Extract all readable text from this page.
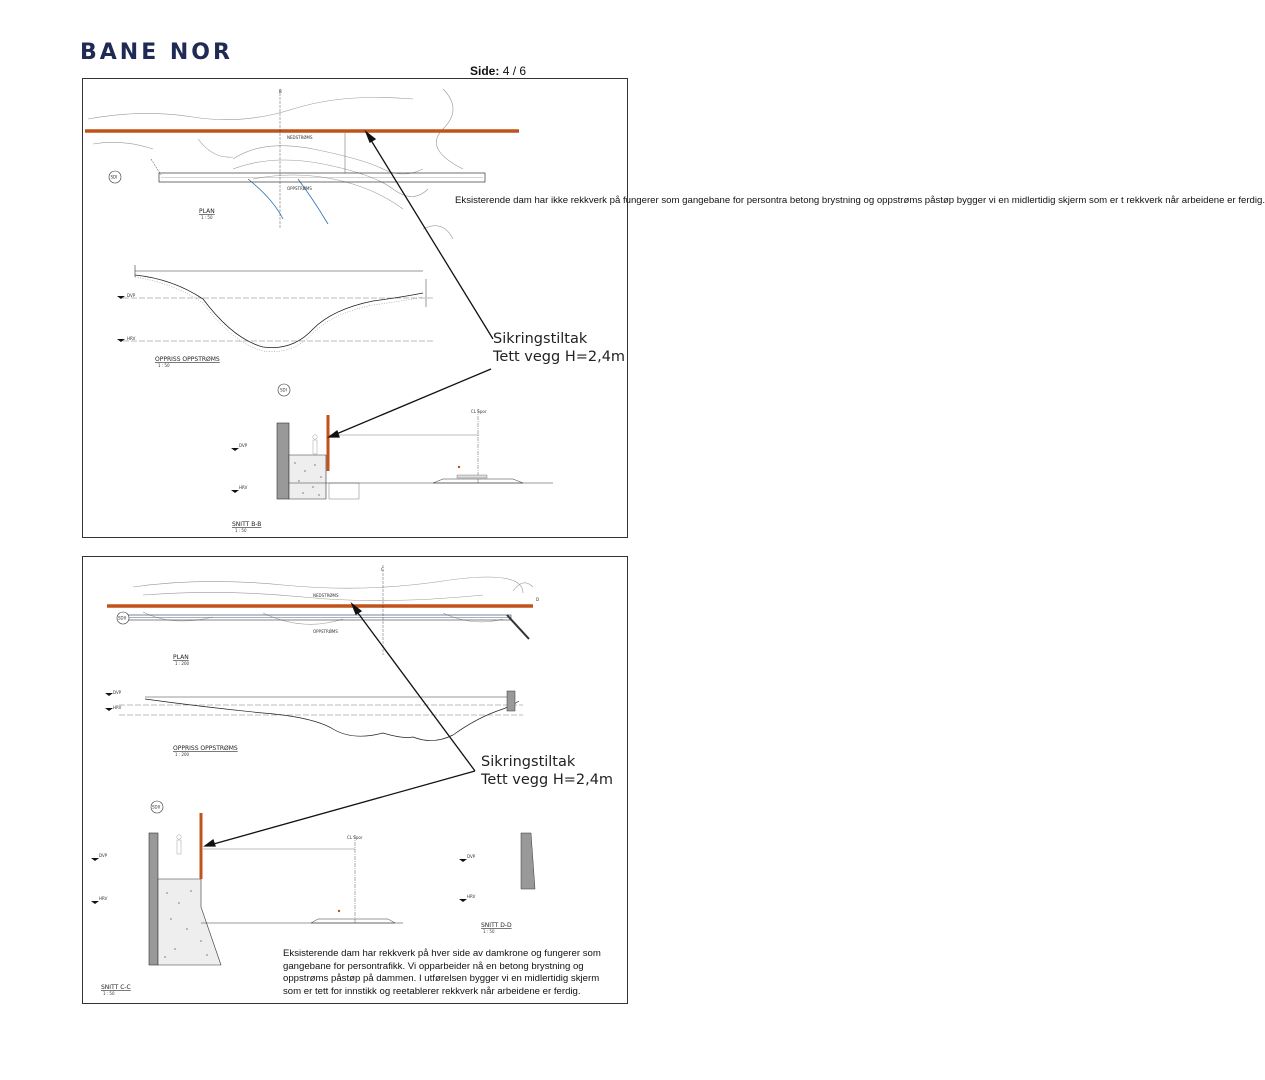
BANE NOR
Side: 4 / 6
SDI
B
NEDSTRØMS
OPPSTRØMS
PLAN
1 : 50
DVP
HRV
OPPRISS OPPSTRØMS
1 : 50
SDI
CL Spor
DVP
HRV
SNITT B-B
1 : 50
Eksisterende dam har ikke rekkverk på fungerer som gangebane for persontra betong brystning og oppstrøms påstøp bygger vi en midlertidig skjerm som er t rekkverk når arbeidene er ferdig.
Sikringstiltak
Tett vegg H=2,4m
SDII
C
D
NEDSTRØMS
OPPSTRØMS
PLAN
1 : 200
DVP
HRV
OPPRISS OPPSTRØMS
1 : 200
SDII
CL Spor
DVP
HRV
SNITT C-C
1 : 50
DVP
HRV
SNITT D-D
1 : 50
Sikringstiltak
Tett vegg H=2,4m
Eksisterende dam har rekkverk på hver side av damkrone og fungerer som
gangebane for persontrafikk. Vi opparbeider nå en betong brystning og
oppstrøms påstøp på dammen. I utførelsen bygger vi en midlertidig skjerm
som er tett for innstikk og reetablerer rekkverk når arbeidene er ferdig.
